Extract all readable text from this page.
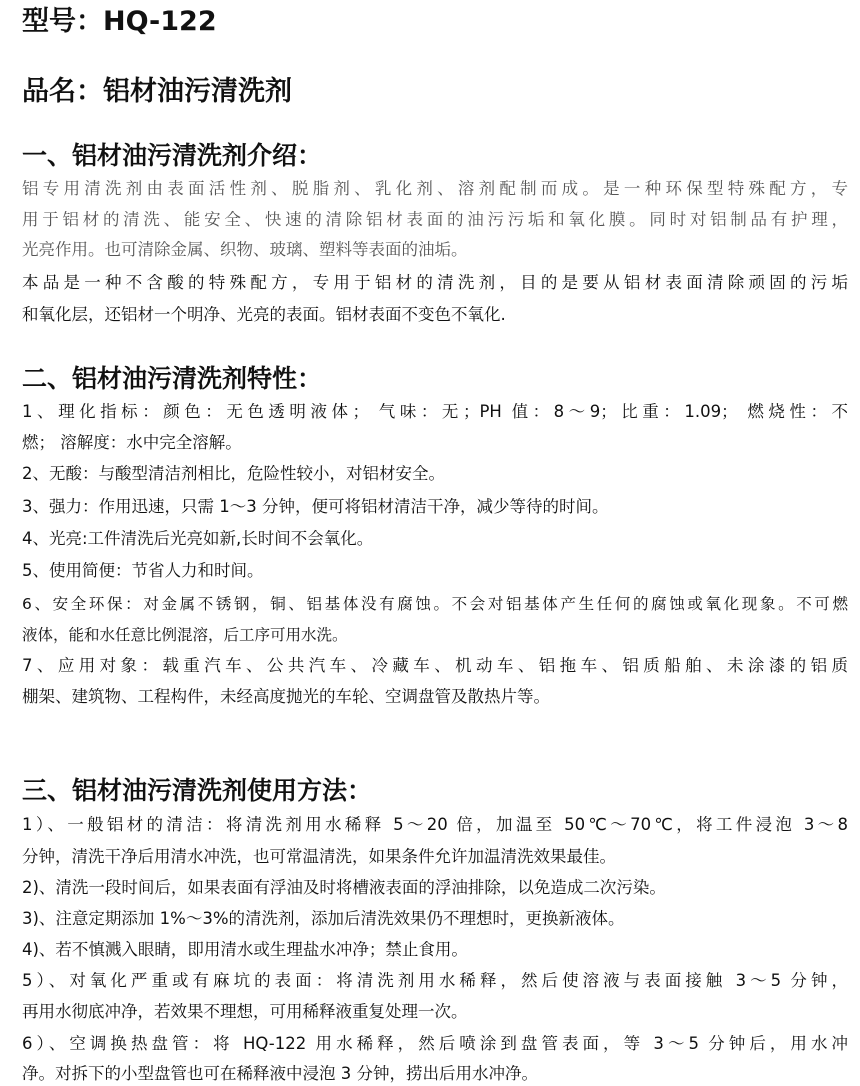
型号：HQ-122
品名：铝材油污清洗剂
一、铝材油污清洗剂介绍：
铝专用清洗剂由表面活性剂、脱脂剂、乳化剂、溶剂配制而成。是一种环保型特殊配方，专
用于铝材的清洗、能安全、快速的清除铝材表面的油污污垢和氧化膜。同时对铝制品有护理，
光亮作用。也可清除金属、织物、玻璃、塑料等表面的油垢。
本品是一种不含酸的特殊配方，专用于铝材的清洗剂，目的是要从铝材表面清除顽固的污垢
和氧化层，还铝材一个明净、光亮的表面。铝材表面不变色不氧化.
二、铝材油污清洗剂特性：
1、理化指标：颜色：无色透明液体； 气味：无；PH 值：8～9；比重：1.09； 燃烧性：不
燃； 溶解度：水中完全溶解。
2、无酸：与酸型清洁剂相比，危险性较小，对铝材安全。
3、强力：作用迅速，只需 1～3 分钟，便可将铝材清洁干净，减少等待的时间。
4、光亮:工件清洗后光亮如新,长时间不会氧化。
5、使用简便：节省人力和时间。
6、安全环保：对金属不锈钢，铜、铝基体没有腐蚀。不会对铝基体产生任何的腐蚀或氧化现象。不可燃
液体，能和水任意比例混溶，后工序可用水洗。
7、应用对象：载重汽车、公共汽车、冷藏车、机动车、铝拖车、铝质船舶、未涂漆的铝质
棚架、建筑物、工程构件，未经高度抛光的车轮、空调盘管及散热片等。
三、铝材油污清洗剂使用方法：
1）、一般铝材的清洁：将清洗剂用水稀释 5～20 倍，加温至 50℃～70℃，将工件浸泡 3～8
分钟，清洗干净后用清水冲洗，也可常温清洗，如果条件允许加温清洗效果最佳。
2)、清洗一段时间后，如果表面有浮油及时将槽液表面的浮油排除，以免造成二次污染。
3)、注意定期添加 1%～3%的清洗剂，添加后清洗效果仍不理想时，更换新液体。
4)、若不慎溅入眼睛，即用清水或生理盐水冲净；禁止食用。
5）、对氧化严重或有麻坑的表面：将清洗剂用水稀释，然后使溶液与表面接触 3～5 分钟，
再用水彻底冲净，若效果不理想，可用稀释液重复处理一次。
6）、空调换热盘管：将 HQ-122 用水稀释，然后喷涂到盘管表面，等 3～5 分钟后，用水冲
净。对拆下的小型盘管也可在稀释液中浸泡 3 分钟，捞出后用水冲净。
